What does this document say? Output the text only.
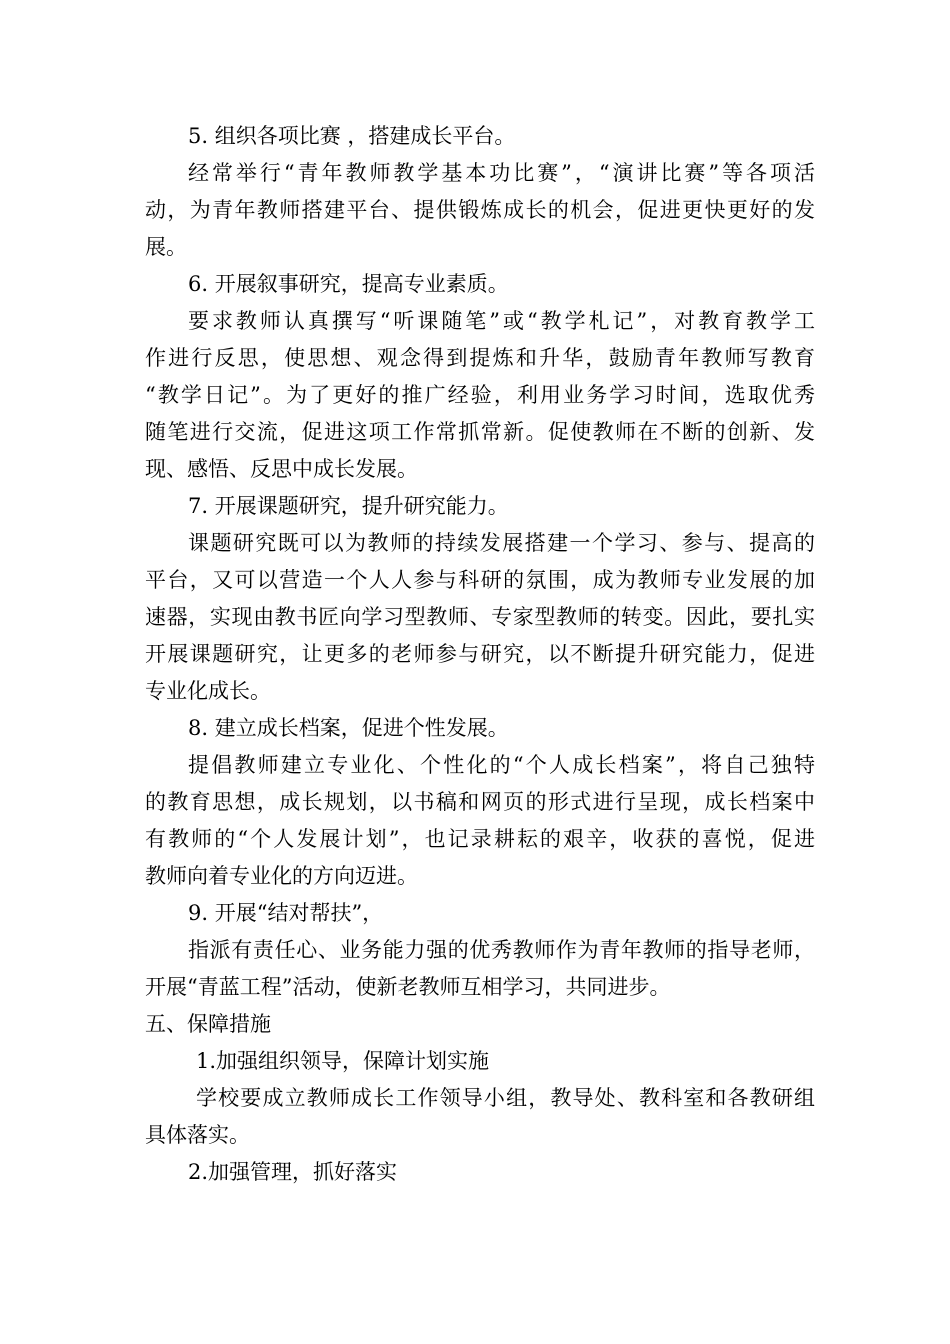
5. 组织各项比赛 ，搭建成长平台。
经常举行“青年教师教学基本功比赛”，“演讲比赛”等各项活
动，为青年教师搭建平台、提供锻炼成长的机会，促进更快更好的发
展。
6. 开展叙事研究，提高专业素质。
要求教师认真撰写“听课随笔”或“教学札记”，对教育教学工
作进行反思，使思想、观念得到提炼和升华，鼓励青年教师写教育
“教学日记”。为了更好的推广经验，利用业务学习时间，选取优秀
随笔进行交流，促进这项工作常抓常新。促使教师在不断的创新、发
现、感悟、反思中成长发展。
7. 开展课题研究，提升研究能力。
课题研究既可以为教师的持续发展搭建一个学习、参与、提高的
平台，又可以营造一个人人参与科研的氛围，成为教师专业发展的加
速器，实现由教书匠向学习型教师、专家型教师的转变。因此，要扎实
开展课题研究，让更多的老师参与研究，以不断提升研究能力，促进
专业化成长。
8. 建立成长档案，促进个性发展。
提倡教师建立专业化、个性化的“个人成长档案”，将自己独特
的教育思想，成长规划，以书稿和网页的形式进行呈现，成长档案中
有教师的“个人发展计划”，也记录耕耘的艰辛，收获的喜悦，促进
教师向着专业化的方向迈进。
9. 开展“结对帮扶”，
指派有责任心、业务能力强的优秀教师作为青年教师的指导老师，
开展“青蓝工程”活动，使新老教师互相学习，共同进步。
五、保障措施
1.加强组织领导，保障计划实施
学校要成立教师成长工作领导小组，教导处、教科室和各教研组
具体落实。
2.加强管理，抓好落实
